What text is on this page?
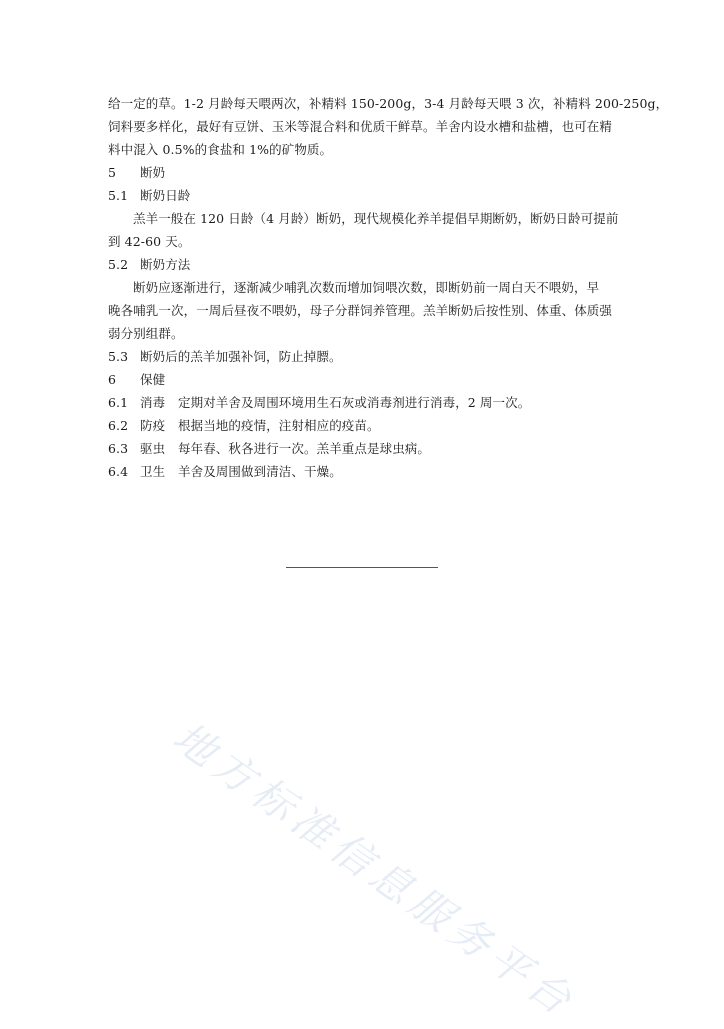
给一定的草。1-2 月龄每天喂两次，补精料 150-200g，3-4 月龄每天喂 3 次，补精料 200-250g，
饲料要多样化，最好有豆饼、玉米等混合料和优质干鲜草。羊舍内设水槽和盐槽，也可在精
料中混入 0.5%的食盐和 1%的矿物质。

5	断奶
5.1 断奶日龄

羔羊一般在 120 日龄（4 月龄）断奶，现代规模化养羊提倡早期断奶，断奶日龄可提前
到 42-60 天。

5.2 断奶方法

断奶应逐渐进行，逐渐减少哺乳次数而增加饲喂次数，即断奶前一周白天不喂奶，早
晚各哺乳一次，一周后昼夜不喂奶，母子分群饲养管理。羔羊断奶后按性别、体重、体质强
弱分别组群。

5.3 断奶后的羔羊加强补饲，防止掉膘。
6	保健
6.1 消毒	定期对羊舍及周围环境用生石灰或消毒剂进行消毒，2 周一次。
6.2 防疫	根据当地的疫情，注射相应的疫苗。
6.3 驱虫	每年春、秋各进行一次。羔羊重点是球虫病。
6.4 卫生	羊舍及周围做到清洁、干燥。
地方标准信息服务平台
